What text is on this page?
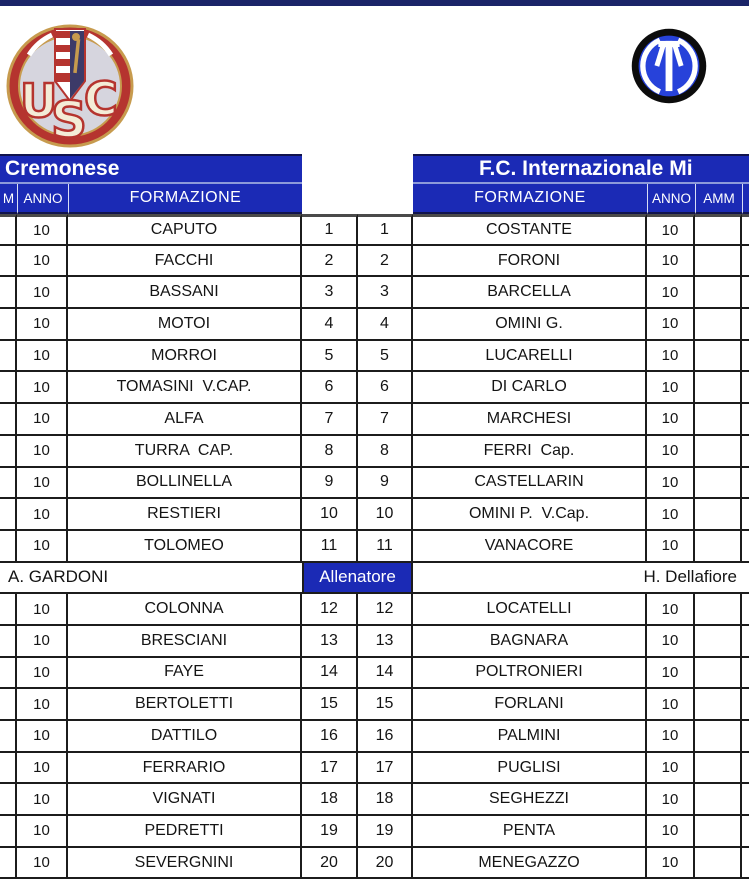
U
S
C
Cremonese	F.C. Internazionale Mi
M ANNO	FORMAZIONE	FORMAZIONE	ANNO AMM
10	CAPUTO	1	1	COSTANTE	10
10	FACCHI	2	2	FORONI	10
10	BASSANI	3	3	BARCELLA	10
10	MOTOI	4	4	OMINI G.	10
10	MORROI	5	5	LUCARELLI	10
10	TOMASINI  V.CAP.	6	6	DI CARLO	10
10	ALFA	7	7	MARCHESI	10
10	TURRA  CAP.	8	8	FERRI  Cap.	10
10	BOLLINELLA	9	9	CASTELLARIN	10
10	RESTIERI	10	10	OMINI P.  V.Cap.	10
10	TOLOMEO	11	11	VANACORE	10
A. GARDONI	Allenatore	H. Dellafiore
10	COLONNA	12	12	LOCATELLI	10
10	BRESCIANI	13	13	BAGNARA	10
10	FAYE	14	14	POLTRONIERI	10
10	BERTOLETTI	15	15	FORLANI	10
10	DATTILO	16	16	PALMINI	10
10	FERRARIO	17	17	PUGLISI	10
10	VIGNATI	18	18	SEGHEZZI	10
10	PEDRETTI	19	19	PENTA	10
10	SEVERGNINI	20	20	MENEGAZZO	10
